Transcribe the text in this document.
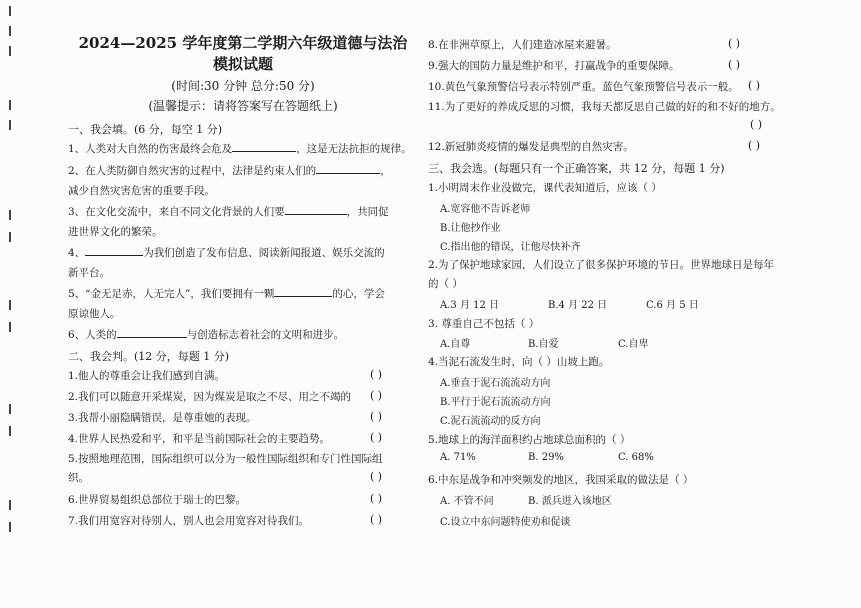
2024—2025 学年度第二学期六年级道德与法治
模拟试题
(时间:30 分钟 总分:50 分)
(温馨提示：请将答案写在答题纸上)
一、我会填。(6 分，每空 1 分)
1、人类对大自然的伤害最终会危及	，这是无法抗拒的规律。
2、在人类防御自然灾害的过程中，法律是约束人们的	，
减少自然灾害危害的重要手段。
3、在文化交流中，来自不同文化背景的人们要	，共同促
进世界文化的繁荣。
4、	为我们创造了发布信息、阅读新闻报道、娱乐交流的
新平台。
5、“金无足赤，人无完人”，我们要拥有一颗	的心，学会
原谅他人。
6、人类的	与创造标志着社会的文明和进步。
二、我会判。(12 分，每题 1 分)
1.他人的尊重会让我们感到自满。	( )
2.我们可以随意开采煤炭，因为煤炭是取之不尽、用之不竭的 ( )
3.我帮小丽隐瞒错误，是尊重她的表现。	( )
4.世界人民热爱和平，和平是当前国际社会的主要趋势。	( )
5.按照地理范围，国际组织可以分为一般性国际组织和专门性国际组
织。	( )
6.世界贸易组织总部位于瑞士的巴黎。	( )
7.我们用宽容对待别人，别人也会用宽容对待我们。	( )
8.在非洲草原上，人们建造冰屋来避暑。	( )
9.强大的国防力量是维护和平，打赢战争的重要保障。	( )
10.黄色气象预警信号表示特别严重。蓝色气象预警信号表示一般。 ( )
11.为了更好的养成反思的习惯，我每天都反思自己做的好的和不好的地方。
( )
12.新冠肺炎疫情的爆发是典型的自然灾害。	( )
三、我会选。(每题只有一个正确答案，共 12 分，每题 1 分)
1.小明周末作业没做完，课代表知道后，应该（ ）
A.宽容他不告诉老师
B.让他抄作业
C.指出他的错误，让他尽快补齐
2.为了保护地球家园，人们设立了很多保护环境的节日。世界地球日是每年
的（ ）
A.3 月 12 日	B.4 月 22 日	C.6 月 5 日
3. 尊重自己不包括（ ）
A.自尊	B.自爱	C.自卑
4.当泥石流发生时，向（ ）山坡上跑。
A.垂直于泥石流流动方向
B.平行于泥石流流动方向
C.泥石流流动的反方向
5.地球上的海洋面积约占地球总面积的（ ）
A. 71%	B. 29%	C. 68%
6.中东是战争和冲突频发的地区，我国采取的做法是（ ）
A. 不管不问	B. 派兵进入该地区
C.设立中东问题特使劝和促谈
